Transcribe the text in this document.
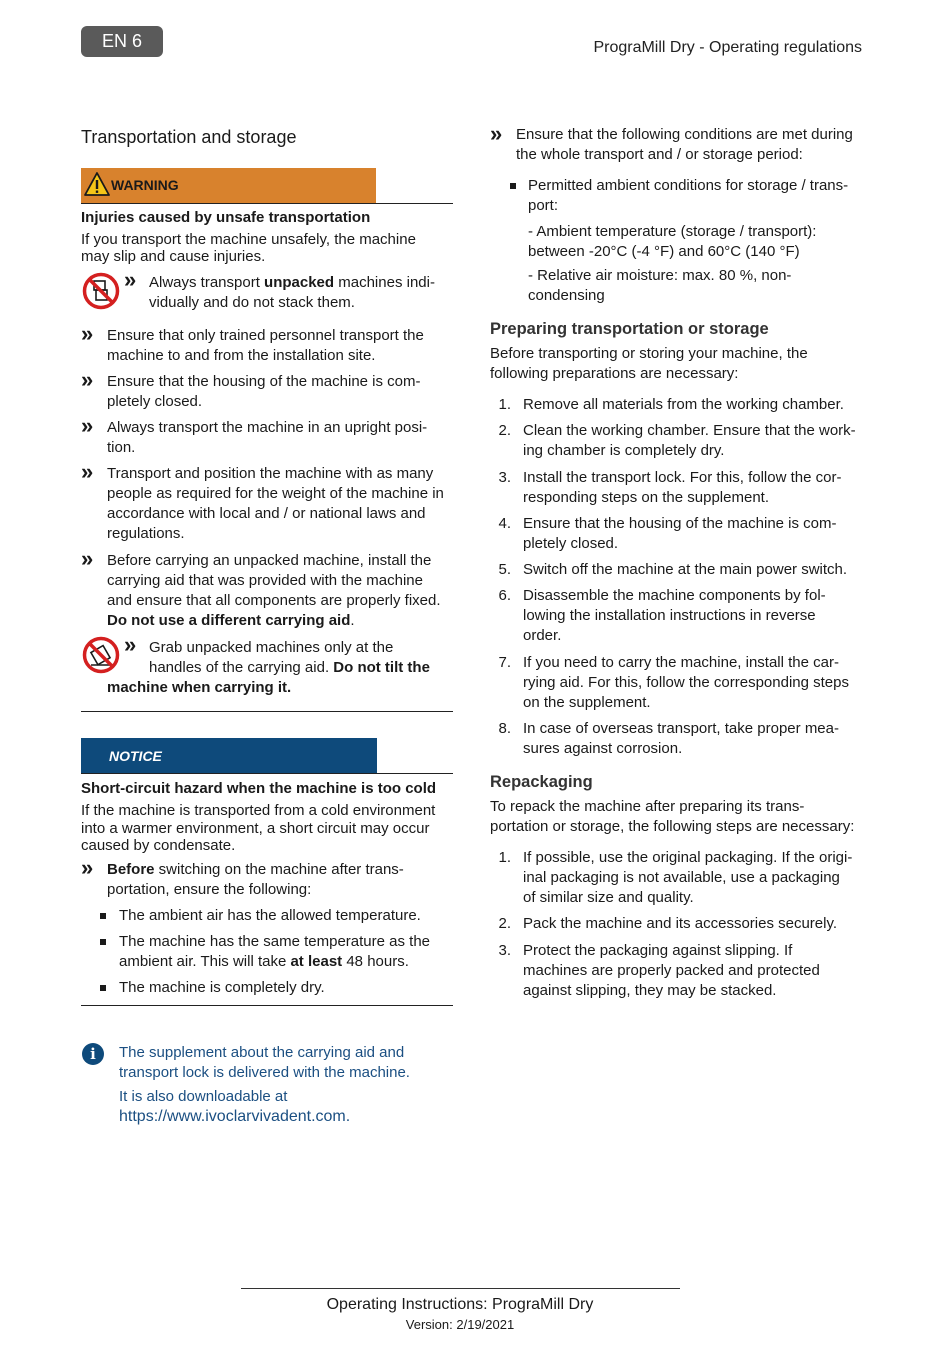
EN 6	PrograMill Dry - Operating regulations
Transportation and storage
WARNING
Injuries caused by unsafe transportation
If you transport the machine unsafely, the machine
may slip and cause injuries.
» Always transport unpacked machines indi-
vidually and do not stack them.
» Ensure that only trained personnel transport the
machine to and from the installation site.
» Ensure that the housing of the machine is com-
pletely closed.
» Always transport the machine in an upright posi-
tion.
» Transport and position the machine with as many
people as required for the weight of the machine in
accordance with local and / or national laws and
regulations.
» Before carrying an unpacked machine, install the
carrying aid that was provided with the machine
and ensure that all components are properly fixed.
Do not use a different carrying aid.
» Grab unpacked machines only at the
handles of the carrying aid. Do not tilt the
machine when carrying it.
NOTICE
Short-circuit hazard when the machine is too cold
If the machine is transported from a cold environment
into a warmer environment, a short circuit may occur
caused by condensate.
» Before switching on the machine after trans-
portation, ensure the following:
The ambient air has the allowed temperature.
The machine has the same temperature as the
ambient air. This will take at least 48 hours.
The machine is completely dry.
i	The supplement about the carrying aid and
transport lock is delivered with the machine.
It is also downloadable at
https://www.ivoclarvivadent.com.
» Ensure that the following conditions are met during
the whole transport and / or storage period:
Permitted ambient conditions for storage / trans-
port:
- Ambient temperature (storage / transport):
between -20°C (-4 °F) and 60°C (140 °F)
- Relative air moisture: max. 80 %, non-
condensing
Preparing transportation or storage
Before transporting or storing your machine, the
following preparations are necessary:
1. Remove all materials from the working chamber.
2. Clean the working chamber. Ensure that the work-
ing chamber is completely dry.
3. Install the transport lock. For this, follow the cor-
responding steps on the supplement.
4. Ensure that the housing of the machine is com-
pletely closed.
5. Switch off the machine at the main power switch.
6. Disassemble the machine components by fol-
lowing the installation instructions in reverse
order.
7. If you need to carry the machine, install the car-
rying aid. For this, follow the corresponding steps
on the supplement.
8. In case of overseas transport, take proper mea-
sures against corrosion.
Repackaging
To repack the machine after preparing its trans-
portation or storage, the following steps are necessary:
1. If possible, use the original packaging. If the origi-
inal packaging is not available, use a packaging
of similar size and quality.
2. Pack the machine and its accessories securely.
3. Protect the packaging against slipping. If
machines are properly packed and protected
against slipping, they may be stacked.
Operating Instructions: PrograMill Dry
Version: 2/19/2021
